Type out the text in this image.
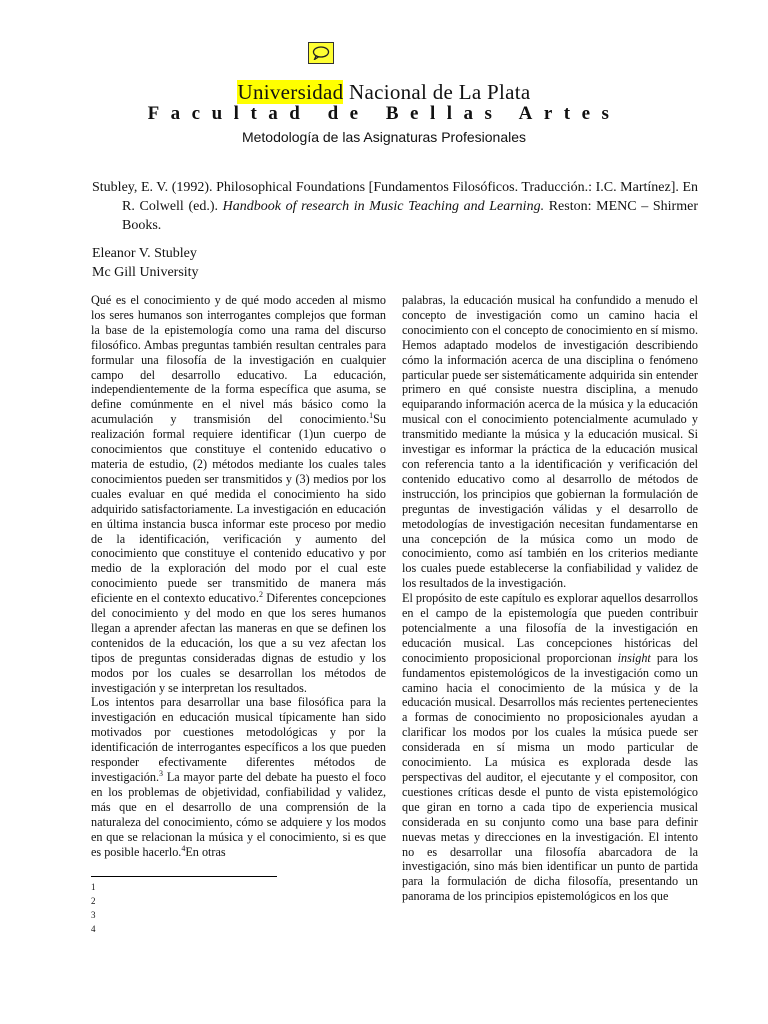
Universidad Nacional de La Plata
Facultad de Bellas Artes
Metodología de las Asignaturas Profesionales
Stubley, E. V. (1992). Philosophical Foundations [Fundamentos Filosóficos. Traducción.: I.C. Martínez]. En R. Colwell (ed.). Handbook of research in Music Teaching and Learning. Reston: MENC – Shirmer Books.
Eleanor V. Stubley
Mc Gill University

Qué es el conocimiento y de qué modo acceden al mismo los seres humanos son interrogantes complejos que forman la base de la epistemología como una rama del discurso filosófico. Ambas preguntas también resultan centrales para formular una filosofía de la investigación en cualquier campo del desarrollo educativo. La educación, independientemente de la forma específica que asuma, se define comúnmente en el nivel más básico como la acumulación y transmisión del conocimiento.$^1$Su realización formal requiere identificar (1)un cuerpo de conocimientos que constituye el contenido educativo o materia de estudio, (2) métodos mediante los cuales tales conocimientos pueden ser transmitidos y (3) medios por los cuales evaluar en qué medida el conocimiento ha sido adquirido satisfactoriamente. La investigación en educación en última instancia busca informar este proceso por medio de la identificación, verificación y aumento del conocimiento que constituye el contenido educativo y por medio de la exploración del modo por el cual este conocimiento puede ser transmitido de manera más eficiente en el contexto educativo.$^2$ Diferentes concepciones del conocimiento y del modo en que los seres humanos llegan a aprender afectan las maneras en que se definen los contenidos de la educación, los que a su vez afectan los tipos de preguntas consideradas dignas de estudio y los modos por los cuales se desarrollan los métodos de investigación y se interpretan los resultados.

Los intentos para desarrollar una base filosófica para la investigación en educación musical típicamente han sido motivados por cuestiones metodológicas y por la identificación de interrogantes específicos a los que pueden responder efectivamente diferentes métodos de investigación.$^3$ La mayor parte del debate ha puesto el foco en los problemas de objetividad, confiabilidad y validez, más que en el desarrollo de una comprensión de la naturaleza del conocimiento, cómo se adquiere y los modos en que se relacionan la música y el conocimiento, si es que es posible hacerlo.$^4$En otras

palabras, la educación musical ha confundido a menudo el concepto de investigación como un camino hacia el conocimiento con el concepto de conocimiento en sí mismo. Hemos adaptado modelos de investigación describiendo cómo la información acerca de una disciplina o fenómeno particular puede ser sistemáticamente adquirida sin entender primero en qué consiste nuestra disciplina, a menudo equiparando información acerca de la música y la educación musical con el conocimiento potencialmente acumulado y transmitido mediante la música y la educación musical. Si investigar es informar la práctica de la educación musical con referencia tanto a la identificación y verificación del contenido educativo como al desarrollo de métodos de instrucción, los principios que gobiernan la formulación de preguntas de investigación válidas y el desarrollo de metodologías de investigación necesitan fundamentarse en una concepción de la música como un modo de conocimiento, como así también en los criterios mediante los cuales puede establecerse la confiabilidad y validez de los resultados de la investigación.

El propósito de este capítulo es explorar aquellos desarrollos en el campo de la epistemología que pueden contribuir potencialmente a una filosofía de la investigación en educación musical. Las concepciones históricas del conocimiento proposicional proporcionan insight para los fundamentos epistemológicos de la investigación como un camino hacia el conocimiento de la música y de la educación musical. Desarrollos más recientes pertenecientes a formas de conocimiento no proposicionales ayudan a clarificar los modos por los cuales la música puede ser considerada en sí misma un modo particular de conocimiento. La música es explorada desde las perspectivas del auditor, el ejecutante y el compositor, con cuestiones críticas desde el punto de vista epistemológico que giran en torno a cada tipo de experiencia musical considerada en su conjunto como una base para definir nuevas metas y direcciones en la investigación. El intento no es desarrollar una filosofía abarcadora de la investigación, sino más bien identificar un punto de partida para la formulación de dicha filosofía, presentando un panorama de los principios epistemológicos en los que

1
2
3
4
